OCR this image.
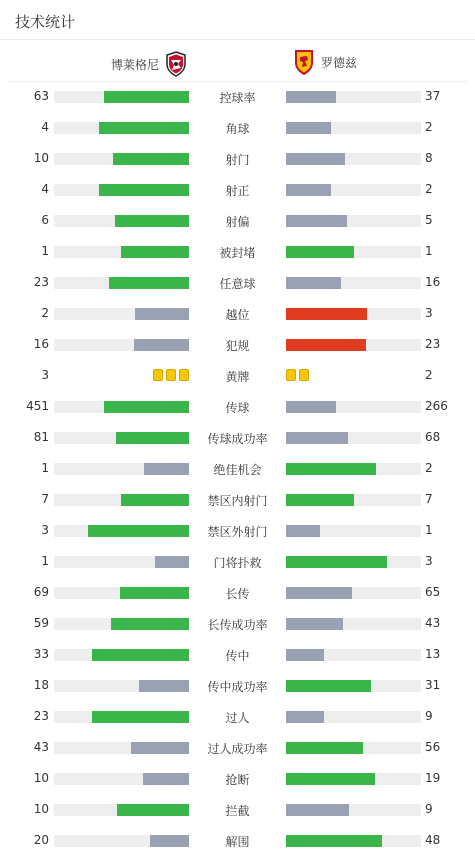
技术统计
博莱格尼	罗德兹
63	控球率	37
4	角球	2
10	射门	8
4	射正	2
6	射偏	5
1	被封堵	1
23	任意球	16
2	越位	3
16	犯规	23
3	黄牌	2
451	传球	266
81	传球成功率	68
1	绝佳机会	2
7	禁区内射门	7
3	禁区外射门	1
1	门将扑救	3
69	长传	65
59	长传成功率	43
33	传中	13
18	传中成功率	31
23	过人	9
43	过人成功率	56
10	抢断	19
10	拦截	9
20	解围	48
